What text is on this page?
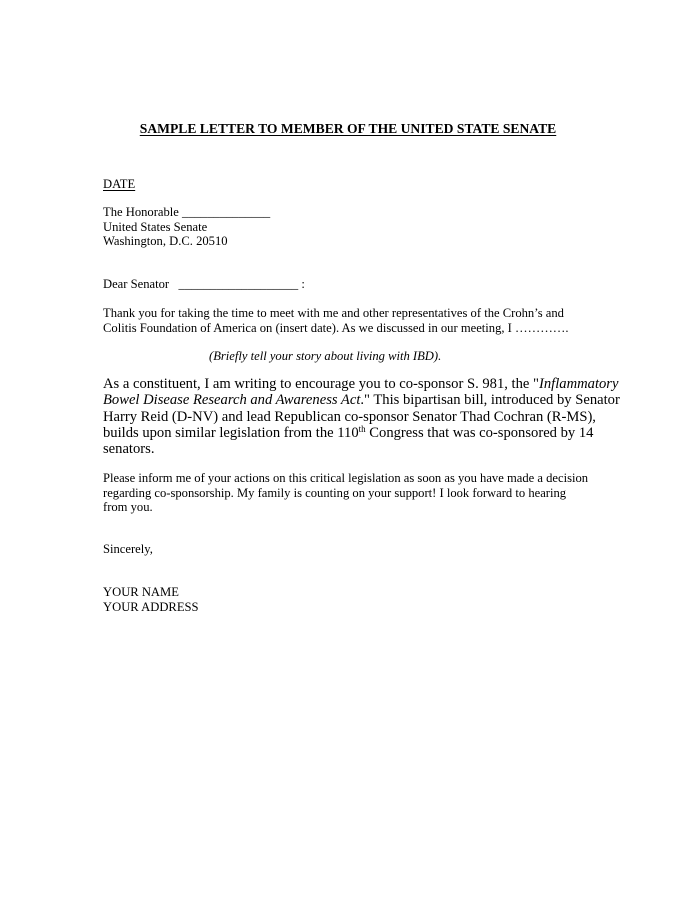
SAMPLE LETTER TO MEMBER OF THE UNITED STATE SENATE
DATE
The Honorable ______________
United States Senate
Washington, D.C. 20510
Dear Senator ___________________ :
Thank you for taking the time to meet with me and other representatives of the Crohn’s and
Colitis Foundation of America on (insert date). As we discussed in our meeting, I ………….
(Briefly tell your story about living with IBD).
As a constituent, I am writing to encourage you to co-sponsor S. 981, the "Inflammatory
Bowel Disease Research and Awareness Act." This bipartisan bill, introduced by Senator
Harry Reid (D-NV) and lead Republican co-sponsor Senator Thad Cochran (R-MS),
builds upon similar legislation from the 110th Congress that was co-sponsored by 14
senators.
Please inform me of your actions on this critical legislation as soon as you have made a decision
regarding co-sponsorship. My family is counting on your support! I look forward to hearing
from you.
Sincerely,
YOUR NAME
YOUR ADDRESS
